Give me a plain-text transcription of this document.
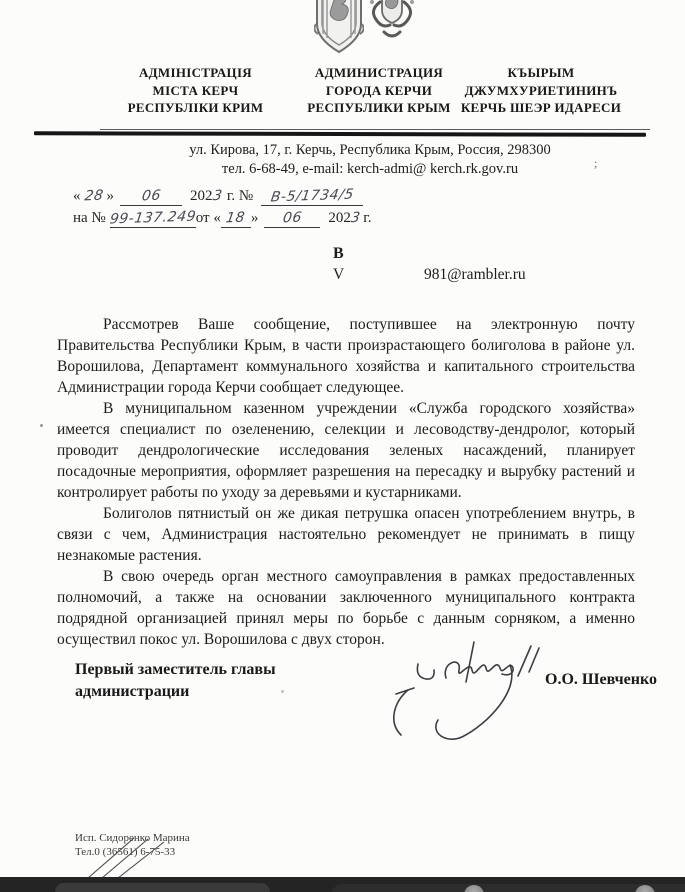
АДМІНІСТРАЦІЯ
МІСТА КЕРЧ
РЕСПУБЛІКИ КРИМ
АДМИНИСТРАЦИЯ
ГОРОДА КЕРЧИ
РЕСПУБЛИКИ КРЫМ
КЪЫРЫМ
ДЖУМХУРИЕТИНИНЪ
КЕРЧЬ ШЕЭР ИДАРЕСИ
ул. Кирова, 17, г. Керчь, Республика Крым, Россия, 298300
тел. 6-68-49, e-mail: kerch-admi@ kerch.rk.gov.ru
« 28 »	06	202
3 г. №	В-5/1734/5
на № 99-137.249
от « 18 »	06	202
3 г.
В
V	981@rambler.ru

Рассмотрев Ваше сообщение, поступившее на электронную почту Правительства Республики Крым, в части произрастающего болиголова в районе ул. Ворошилова, Департамент коммунального хозяйства и капитального строительства Администрации города Керчи сообщает следующее.

В муниципальном казенном учреждении «Служба городского хозяйства» имеется специалист по озеленению, селекции и лесоводству-дендролог, который проводит дендрологические исследования зеленых насаждений, планирует посадочные мероприятия, оформляет разрешения на пересадку и вырубку растений и контролирует работы по уходу за деревьями и кустарниками.

Болиголов пятнистый он же дикая петрушка опасен употреблением внутрь, в связи с чем, Администрация настоятельно рекомендует не принимать в пищу незнакомые растения.

В свою очередь орган местного самоуправления в рамках предоставленных полномочий, а также на основании заключенного муниципального контракта подрядной организацией принял меры по борьбе с данным сорняком, а именно осуществил покос ул. Ворошилова с двух сторон.

Первый заместитель главы
администрации
О.О. Шевченко
Исп. Сидоренко Марина
Тел.0 (36561) 6-75-33
;
